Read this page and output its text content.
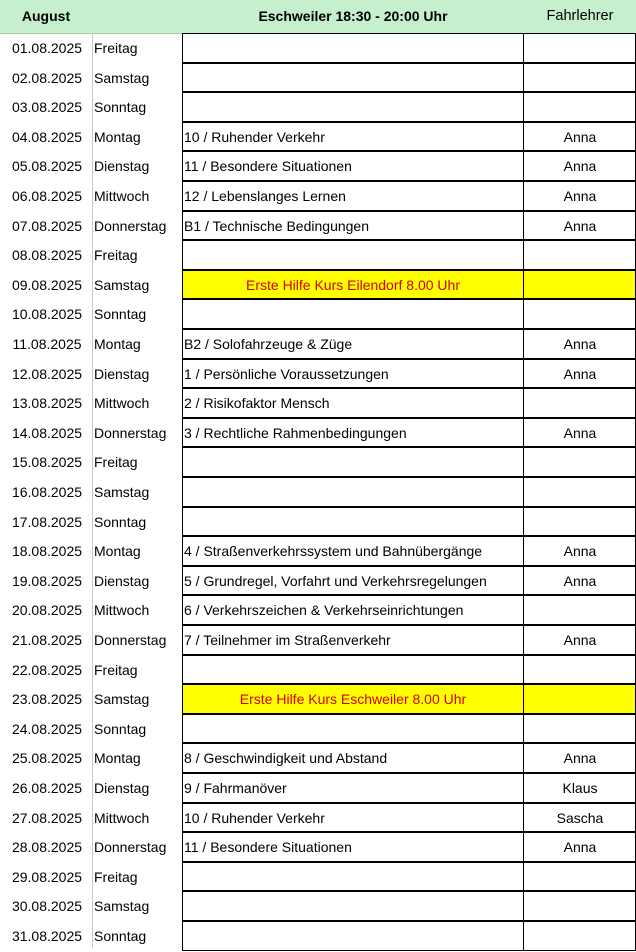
August	Eschweiler 18:30 - 20:00 Uhr	Fahrlehrer
01.08.2025 Freitag
02.08.2025 Samstag
03.08.2025 Sonntag
04.08.2025 Montag	10 / Ruhender Verkehr	Anna
05.08.2025 Dienstag	11 / Besondere Situationen	Anna
06.08.2025 Mittwoch	12 / Lebenslanges Lernen	Anna
07.08.2025 Donnerstag	B1 / Technische Bedingungen	Anna
08.08.2025 Freitag
09.08.2025 Samstag	Erste Hilfe Kurs Eilendorf 8.00 Uhr
10.08.2025 Sonntag
11.08.2025 Montag	B2 / Solofahrzeuge & Züge	Anna
12.08.2025 Dienstag	1 / Persönliche Voraussetzungen	Anna
13.08.2025 Mittwoch	2 / Risikofaktor Mensch
14.08.2025 Donnerstag	3 / Rechtliche Rahmenbedingungen	Anna
15.08.2025 Freitag
16.08.2025 Samstag
17.08.2025 Sonntag
18.08.2025 Montag	4 / Straßenverkehrssystem und Bahnübergänge	Anna
19.08.2025 Dienstag	5 / Grundregel, Vorfahrt und Verkehrsregelungen	Anna
20.08.2025 Mittwoch	6 / Verkehrszeichen & Verkehrseinrichtungen
21.08.2025 Donnerstag	7 / Teilnehmer im Straßenverkehr	Anna
22.08.2025 Freitag
23.08.2025 Samstag	Erste Hilfe Kurs Eschweiler 8.00 Uhr
24.08.2025 Sonntag
25.08.2025 Montag	8 / Geschwindigkeit und Abstand	Anna
26.08.2025 Dienstag	9 / Fahrmanöver	Klaus
27.08.2025 Mittwoch	10 / Ruhender Verkehr	Sascha
28.08.2025 Donnerstag	11 / Besondere Situationen	Anna
29.08.2025 Freitag
30.08.2025 Samstag
31.08.2025 Sonntag
